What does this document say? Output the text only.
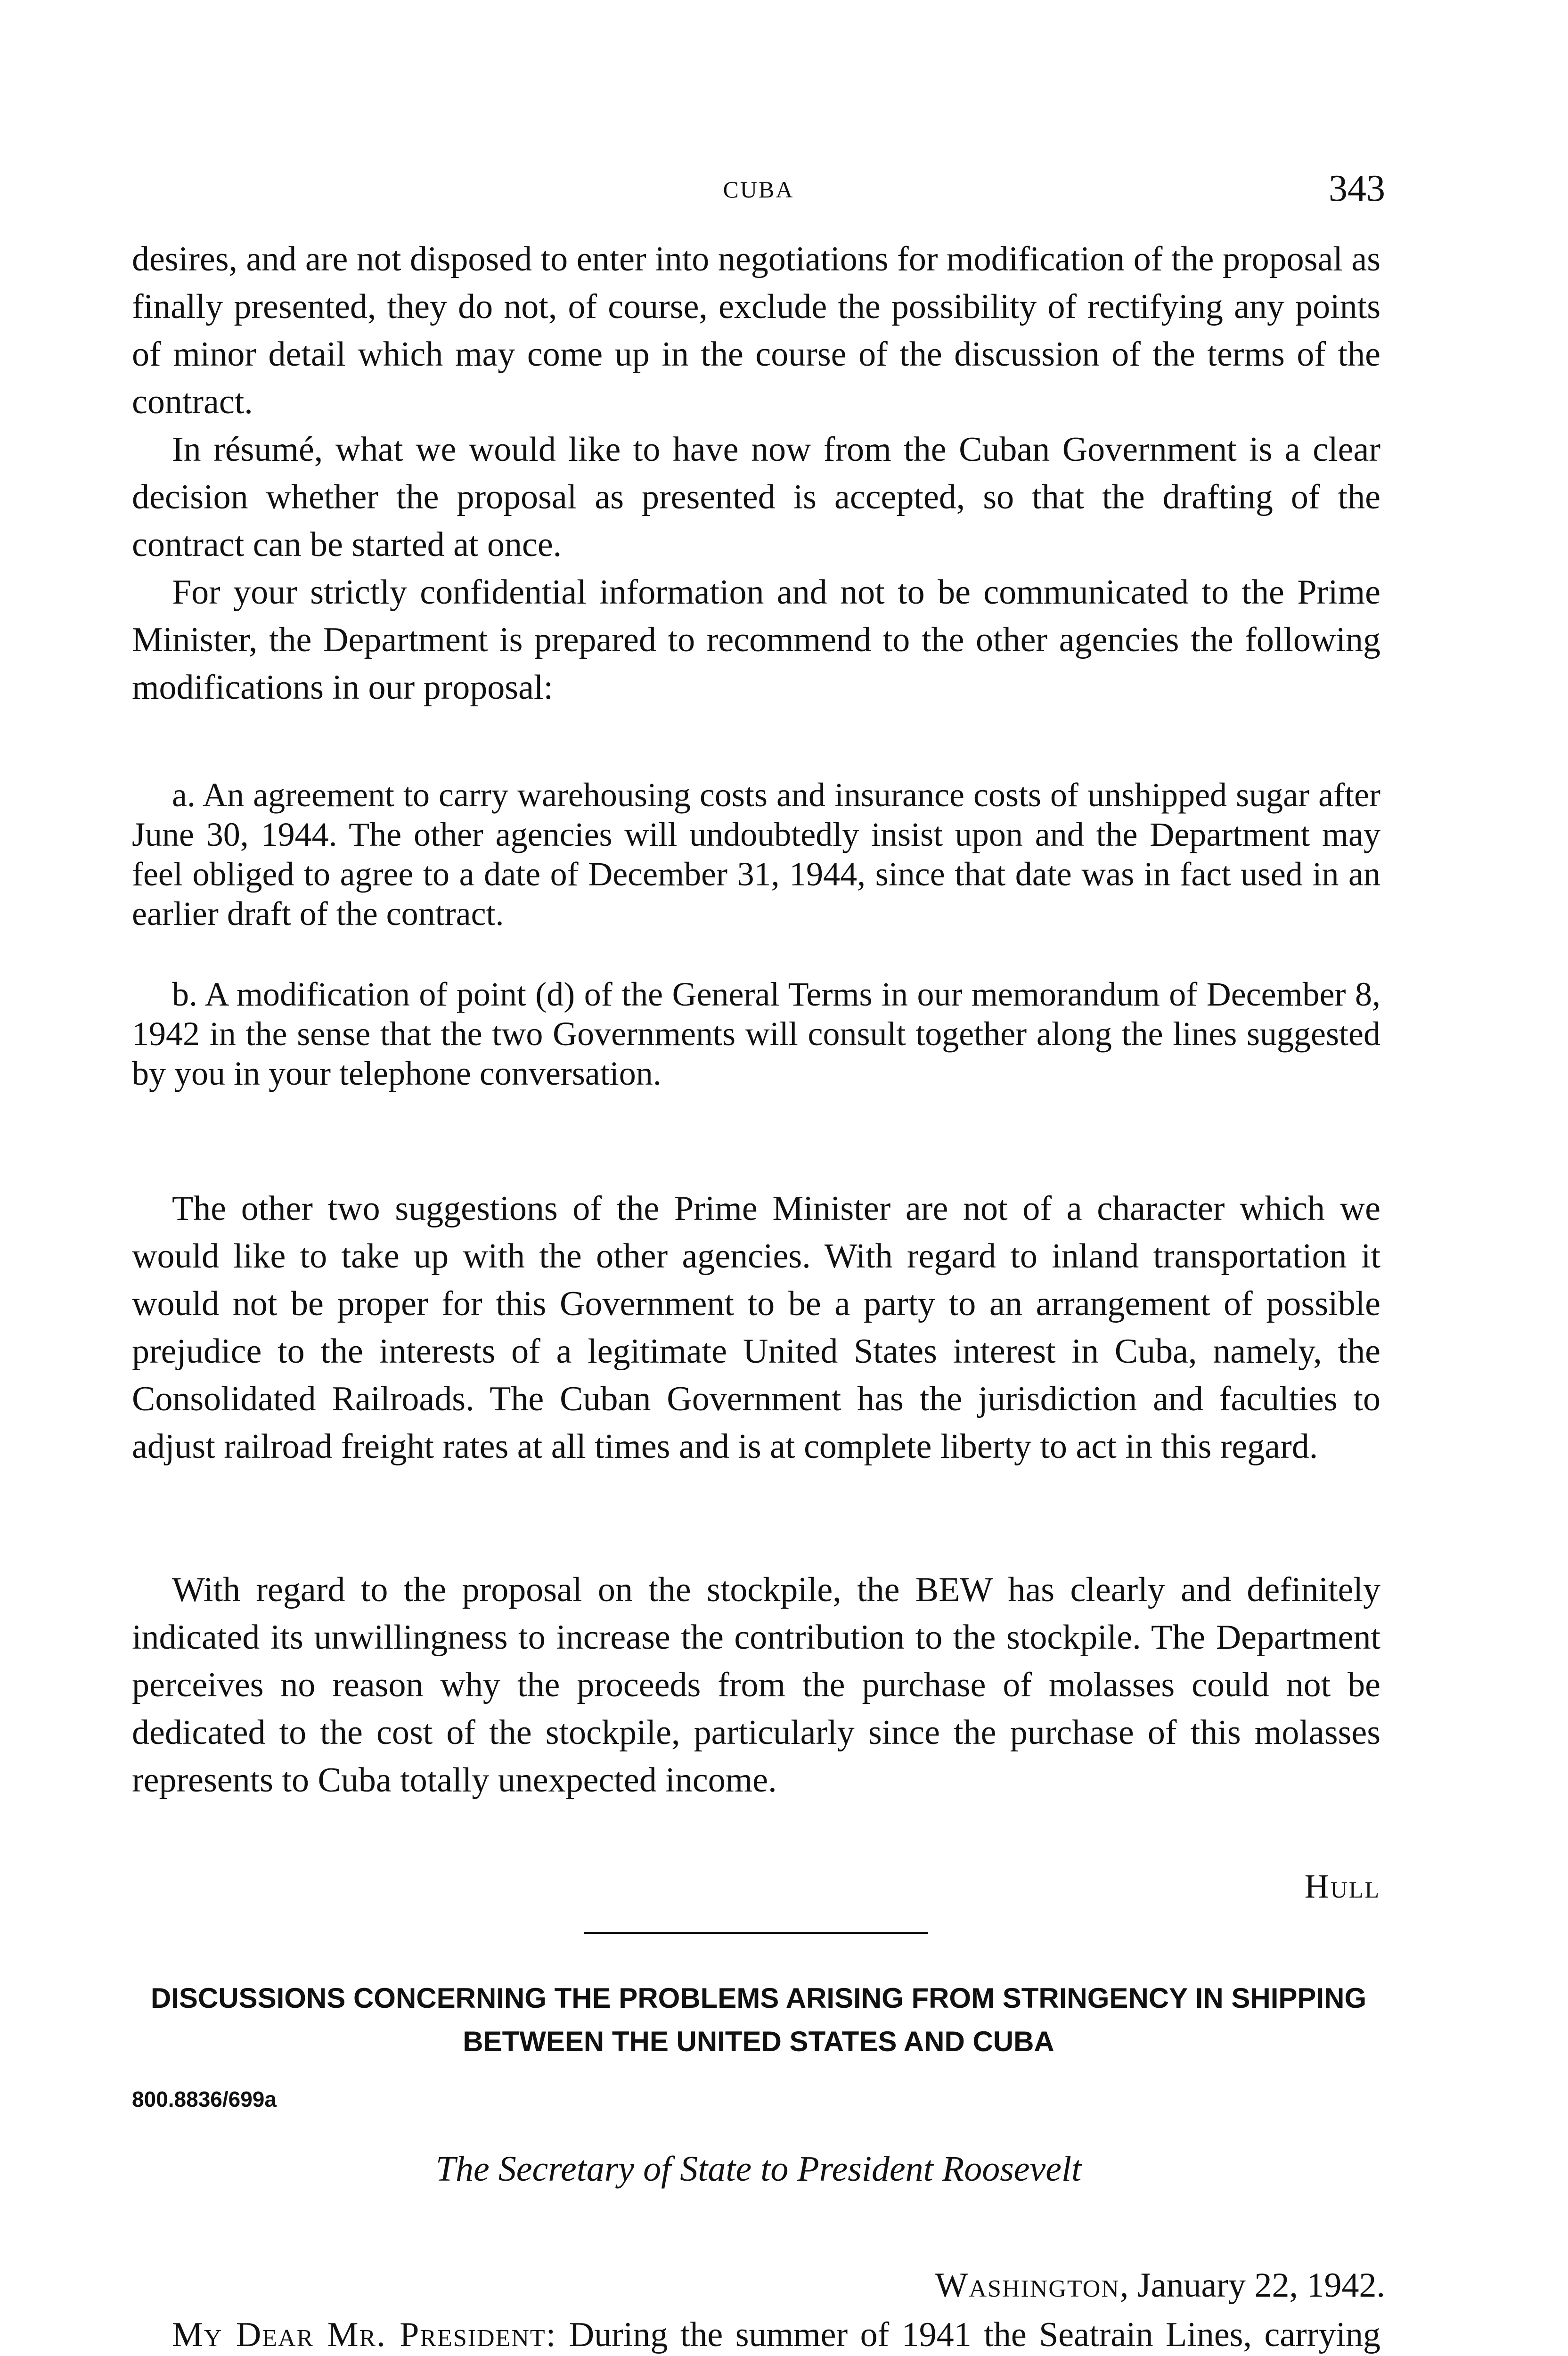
CUBA	343

desires, and are not disposed to enter into negotiations for modification of the proposal as finally presented, they do not, of course, exclude the possibility of rectifying any points of minor detail which may come up in the course of the discussion of the terms of the contract.

In résumé, what we would like to have now from the Cuban Government is a clear decision whether the proposal as presented is accepted, so that the drafting of the contract can be started at once.

For your strictly confidential information and not to be communicated to the Prime Minister, the Department is prepared to recommend to the other agencies the following modifications in our proposal:

a. An agreement to carry warehousing costs and insurance costs of unshipped sugar after June 30, 1944. The other agencies will undoubtedly insist upon and the Department may feel obliged to agree to a date of December 31, 1944, since that date was in fact used in an earlier draft of the contract.

b. A modification of point (d) of the General Terms in our memorandum of December 8, 1942 in the sense that the two Governments will consult together along the lines suggested by you in your telephone conversation.

The other two suggestions of the Prime Minister are not of a character which we would like to take up with the other agencies. With regard to inland transportation it would not be proper for this Government to be a party to an arrangement of possible prejudice to the interests of a legitimate United States interest in Cuba, namely, the Consolidated Railroads. The Cuban Government has the jurisdiction and faculties to adjust railroad freight rates at all times and is at complete liberty to act in this regard.

With regard to the proposal on the stockpile, the BEW has clearly and definitely indicated its unwillingness to increase the contribution to the stockpile. The Department perceives no reason why the proceeds from the purchase of molasses could not be dedicated to the cost of the stockpile, particularly since the purchase of this molasses represents to Cuba totally unexpected income.

Hull
DISCUSSIONS CONCERNING THE PROBLEMS ARISING FROM STRINGENCY IN SHIPPING BETWEEN THE UNITED STATES AND CUBA
800.8836/699a
The Secretary of State to President Roosevelt
Washington, January 22, 1942.

My Dear Mr. President: During the summer of 1941 the Seatrain Lines, carrying
